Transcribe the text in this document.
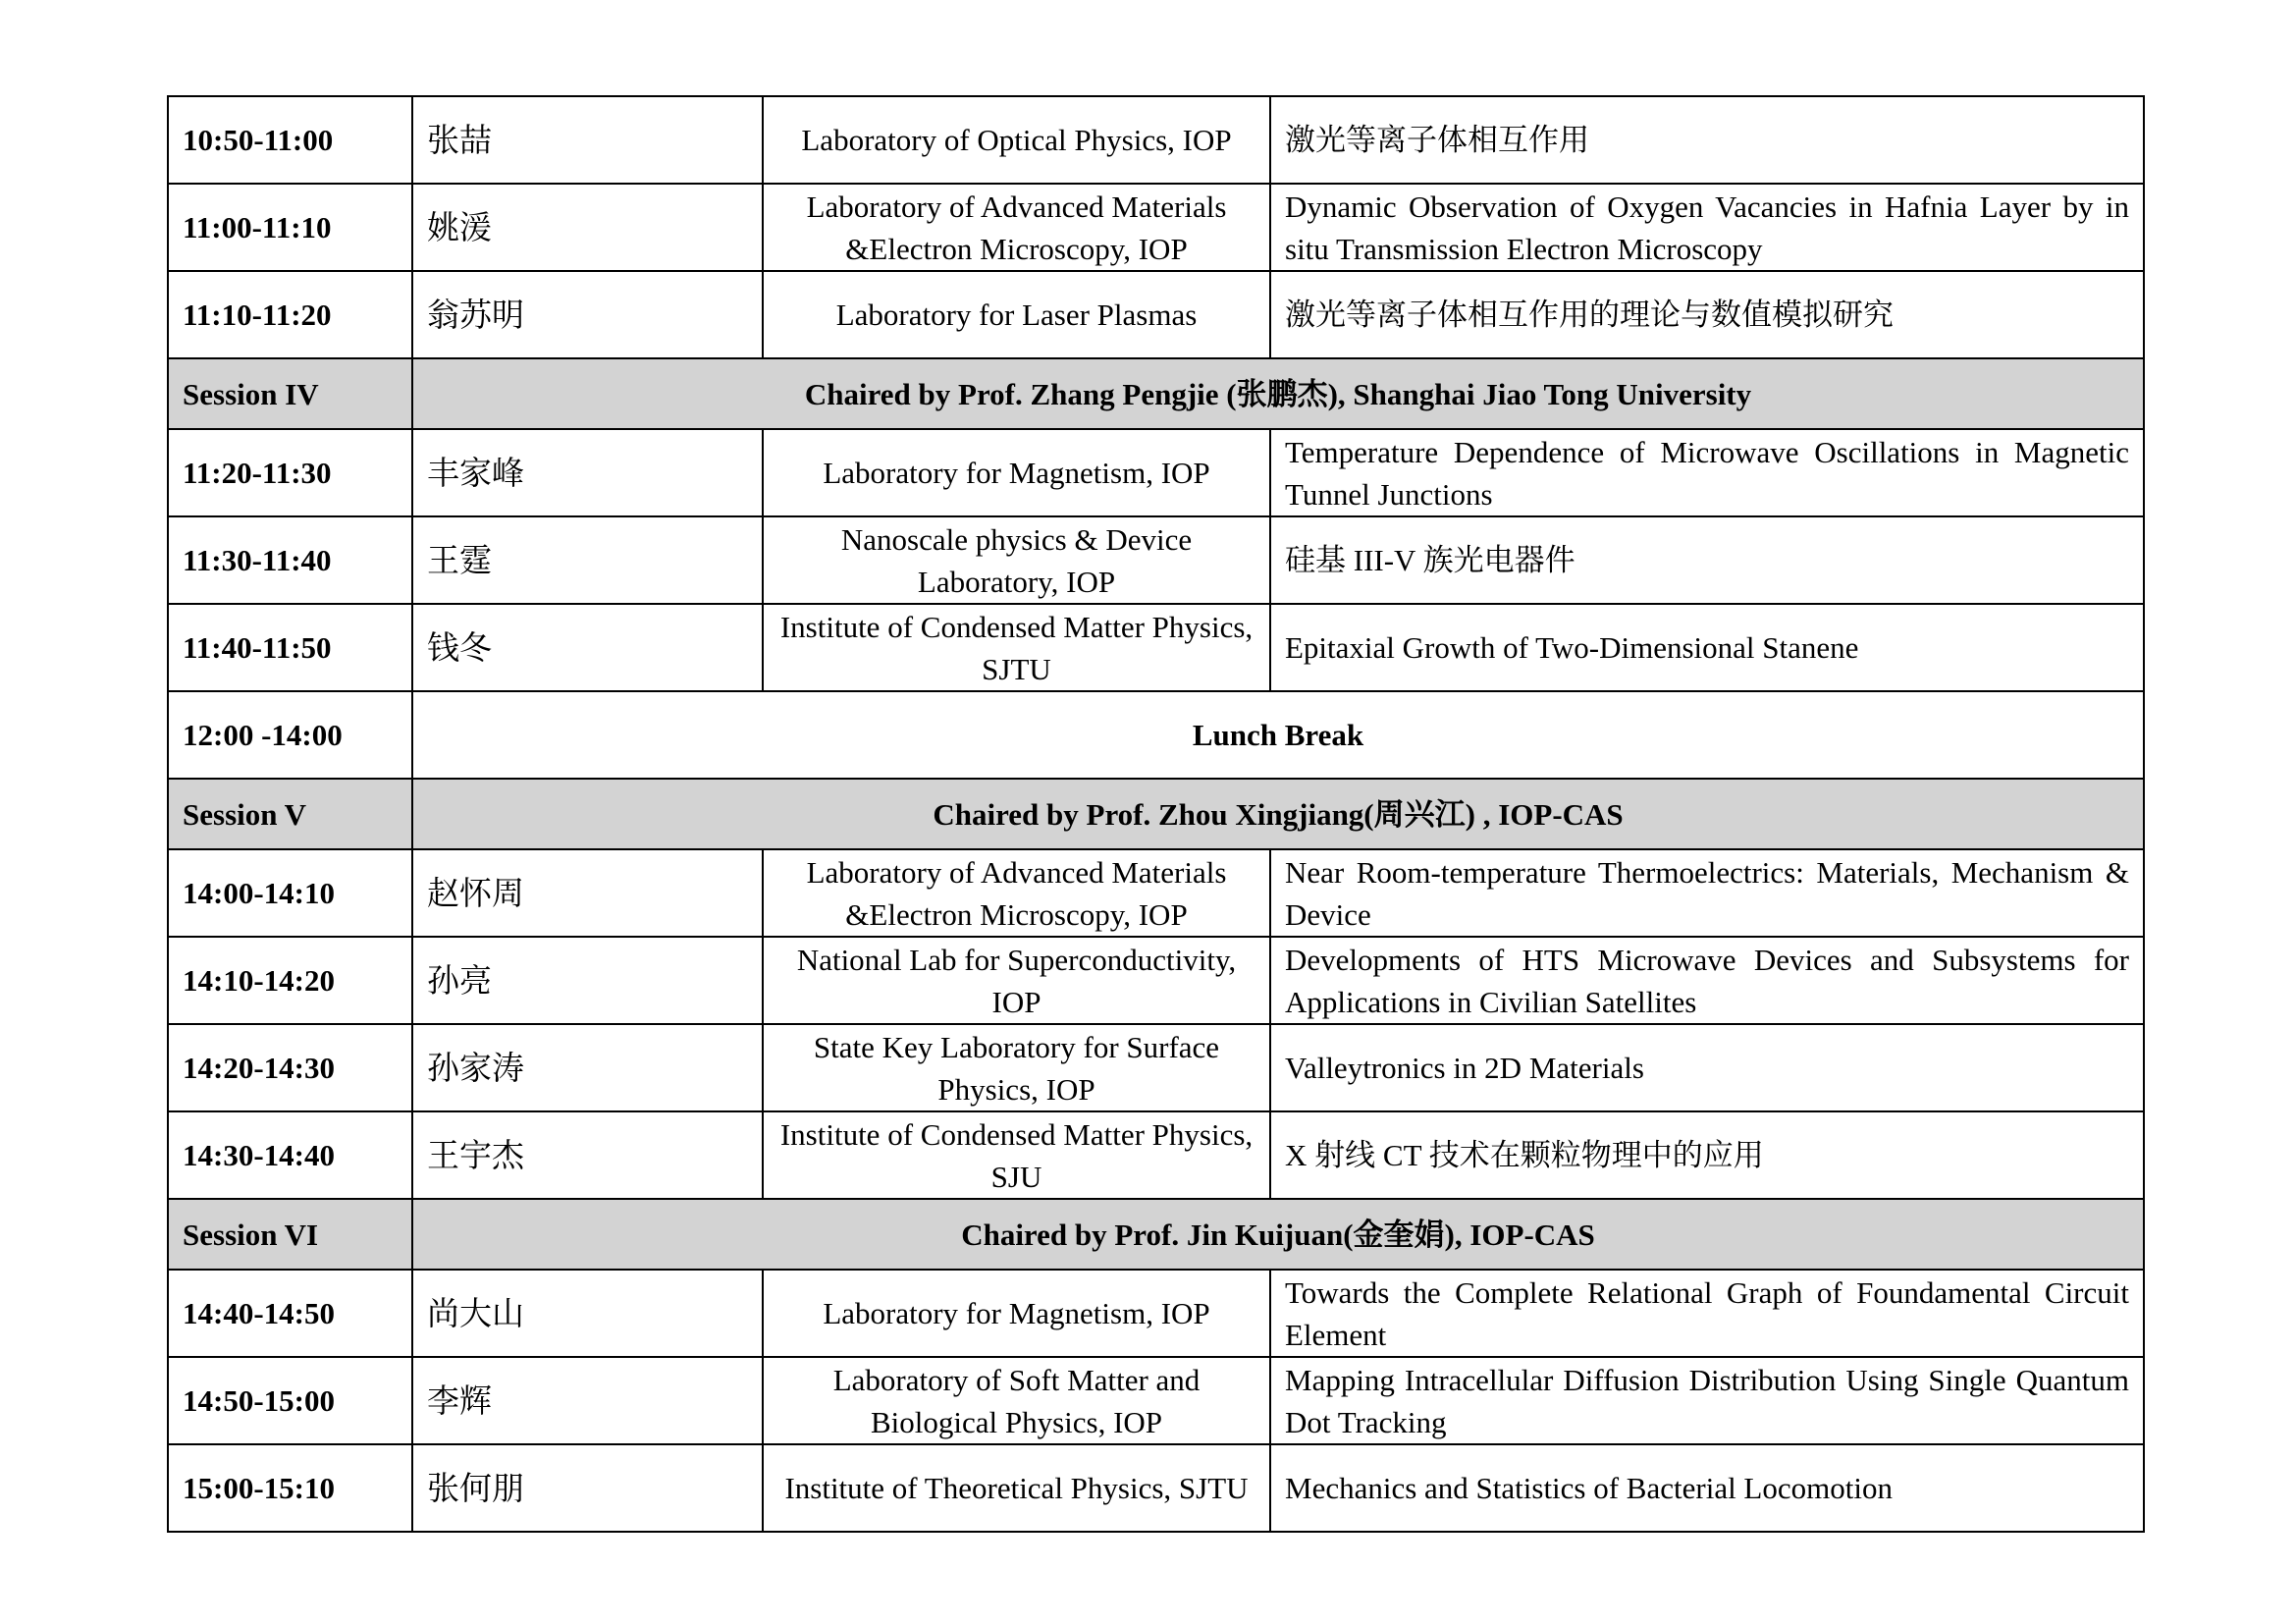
10:50-11:00	张喆	Laboratory of Optical Physics, IOP	激光等离子体相互作用
11:00-11:10	姚湲	Laboratory of Advanced Materials &Electron Microscopy, IOP	Dynamic Observation of Oxygen Vacancies in Hafnia Layer by in situ Transmission Electron Microscopy
11:10-11:20	翁苏明	Laboratory for Laser Plasmas	激光等离子体相互作用的理论与数值模拟研究
Session IV	Chaired by Prof. Zhang Pengjie (张鹏杰), Shanghai Jiao Tong University		
11:20-11:30	丰家峰	Laboratory for Magnetism, IOP	Temperature Dependence of Microwave Oscillations in Magnetic Tunnel Junctions
11:30-11:40	王霆	Nanoscale physics & Device Laboratory, IOP	硅基 III-V 族光电器件
11:40-11:50	钱冬	Institute of Condensed Matter Physics, SJTU	Epitaxial Growth of Two-Dimensional Stanene
12:00 -14:00	Lunch Break		
Session V	Chaired by Prof. Zhou Xingjiang(周兴江) , IOP-CAS		
14:00-14:10	赵怀周	Laboratory of Advanced Materials &Electron Microscopy, IOP	Near Room-temperature Thermoelectrics: Materials, Mechanism & Device
14:10-14:20	孙亮	National Lab for Superconductivity, IOP	Developments of HTS Microwave Devices and Subsystems for Applications in Civilian Satellites
14:20-14:30	孙家涛	State Key Laboratory for Surface Physics, IOP	Valleytronics in 2D Materials
14:30-14:40	王宇杰	Institute of Condensed Matter Physics, SJU	X 射线 CT 技术在颗粒物理中的应用
Session VI	Chaired by Prof. Jin Kuijuan(金奎娟), IOP-CAS		
14:40-14:50	尚大山	Laboratory for Magnetism, IOP	Towards the Complete Relational Graph of Foundamental Circuit Element
14:50-15:00	李辉	Laboratory of Soft Matter and Biological Physics, IOP	Mapping Intracellular Diffusion Distribution Using Single Quantum Dot Tracking
15:00-15:10	张何朋	Institute of Theoretical Physics, SJTU	Mechanics and Statistics of Bacterial Locomotion
